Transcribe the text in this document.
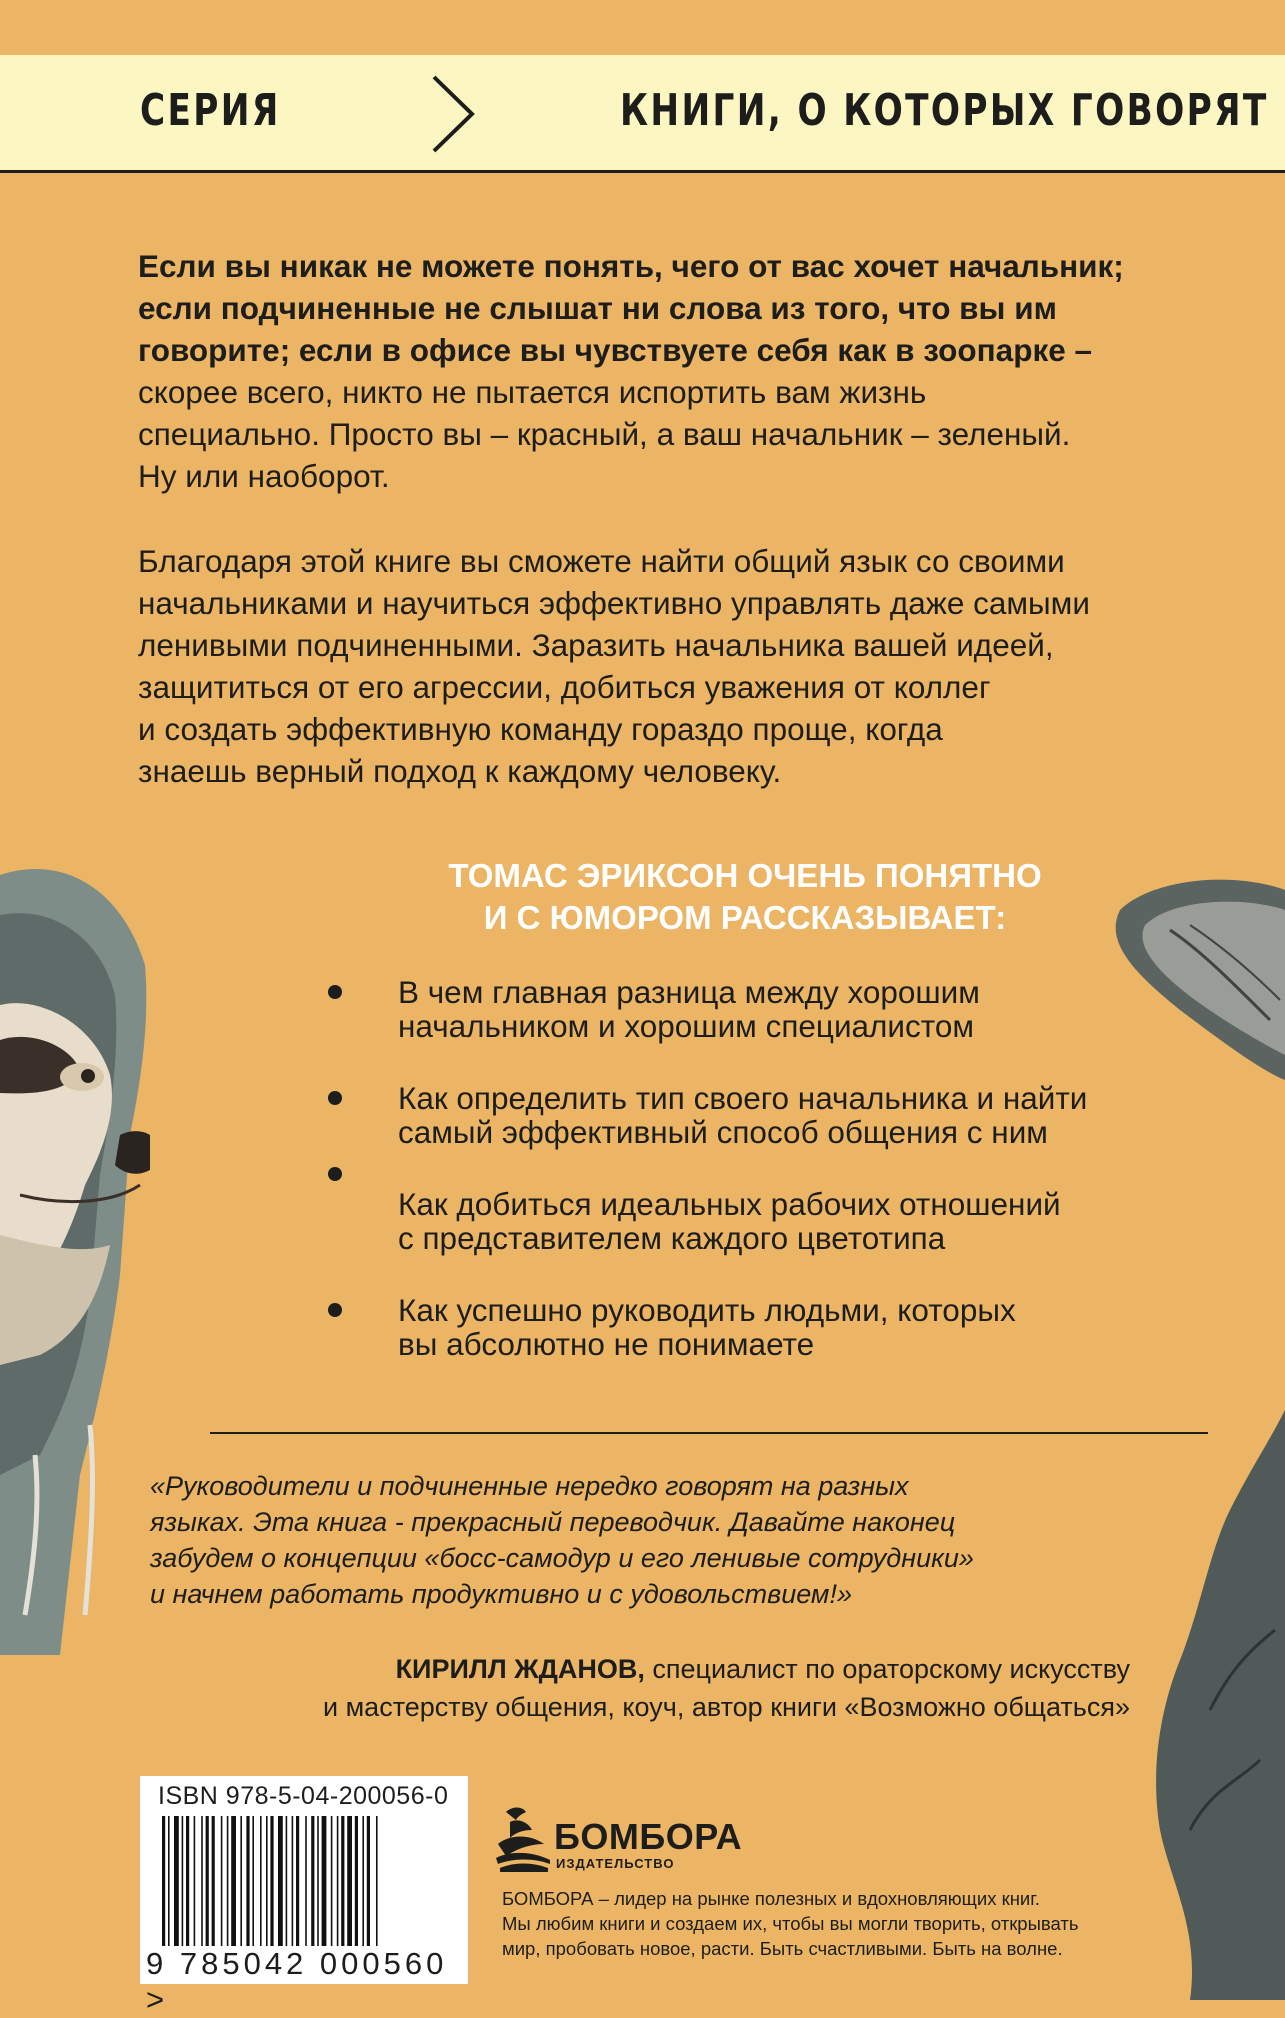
СЕРИЯ	КНИГИ, О КОТОРЫХ ГОВОРЯТ

Если вы никак не можете понять, чего от вас хочет начальник;
если подчиненные не слышат ни слова из того, что вы им
говорите; если в офисе вы чувствуете себя как в зоопарке –
скорее всего, никто не пытается испортить вам жизнь
специально. Просто вы – красный, а ваш начальник – зеленый.
Ну или наоборот.

Благодаря этой книге вы сможете найти общий язык со своими
начальниками и научиться эффективно управлять даже самыми
ленивыми подчиненными. Заразить начальника вашей идеей,
защититься от его агрессии, добиться уважения от коллег
и создать эффективную команду гораздо проще, когда
знаешь верный подход к каждому человеку.

ТОМАС ЭРИКСОН ОЧЕНЬ ПОНЯТНО
И С ЮМОРОМ РАССКАЗЫВАЕТ:
В чем главная разница между хорошим
начальником и хорошим специалистом
Как определить тип своего начальника и найти
самый эффективный способ общения с ним
Как добиться идеальных рабочих отношений
с представителем каждого цветотипа
Как успешно руководить людьми, которых
вы абсолютно не понимаете
«Руководители и подчиненные нередко говорят на разных
языках. Эта книга - прекрасный переводчик. Давайте наконец
забудем о концепции «босс-самодур и его ленивые сотрудники»
и начнем работать продуктивно и с удовольствием!»
КИРИЛЛ ЖДАНОВ, специалист по ораторскому искусству
и мастерству общения, коуч, автор книги «Возможно общаться»
ISBN 978-5-04-200056-0
9 785042 000560 >
БОМБОРА
ИЗДАТЕЛЬСТВО
БОМБОРА – лидер на рынке полезных и вдохновляющих книг.
Мы любим книги и создаем их, чтобы вы могли творить, открывать
мир, пробовать новое, расти. Быть счастливыми. Быть на волне.
